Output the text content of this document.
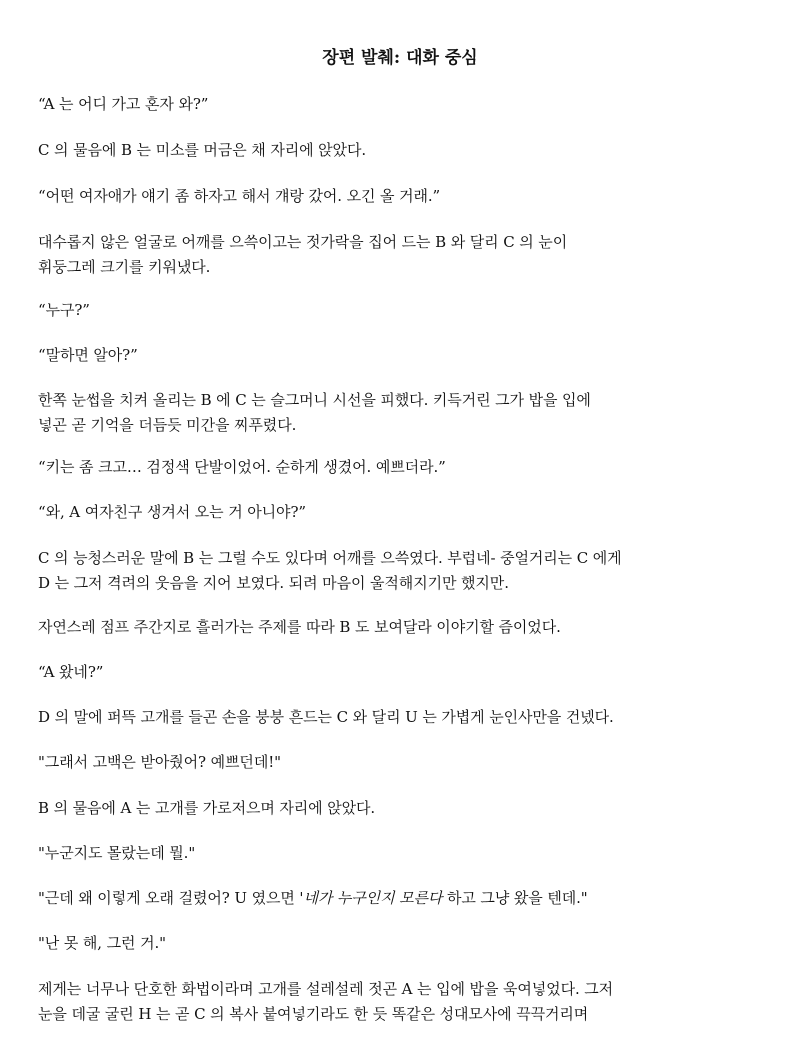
장편 발췌: 대화 중심
“A 는 어디 가고 혼자 와?”
C 의 물음에 B 는 미소를 머금은 채 자리에 앉았다.
“어떤 여자애가 얘기 좀 하자고 해서 걔랑 갔어. 오긴 올 거래.”
대수롭지 않은 얼굴로 어깨를 으쓱이고는 젓가락을 집어 드는 B 와 달리 C 의 눈이
휘둥그레 크기를 키워냈다.
“누구?”
“말하면 알아?”
한쪽 눈썹을 치켜 올리는 B 에 C 는 슬그머니 시선을 피했다. 키득거린 그가 밥을 입에
넣곤 곧 기억을 더듬듯 미간을 찌푸렸다.
“키는 좀 크고… 검정색 단발이었어. 순하게 생겼어. 예쁘더라.”
“와, A 여자친구 생겨서 오는 거 아니야?”
C 의 능청스러운 말에 B 는 그럴 수도 있다며 어깨를 으쓱였다. 부럽네- 중얼거리는 C 에게
D 는 그저 격려의 웃음을 지어 보였다. 되려 마음이 울적해지기만 했지만.
자연스레 점프 주간지로 흘러가는 주제를 따라 B 도 보여달라 이야기할 즘이었다.
“A 왔네?”
D 의 말에 퍼뜩 고개를 들곤 손을 붕붕 흔드는 C 와 달리 U 는 가볍게 눈인사만을 건넸다.
"그래서 고백은 받아줬어? 예쁘던데!"
B 의 물음에 A 는 고개를 가로저으며 자리에 앉았다.
"누군지도 몰랐는데 뭘."
"근데 왜 이렇게 오래 걸렸어? U 였으면 '네가 누구인지 모른다 하고 그냥 왔을 텐데."
"난 못 해, 그런 거."
제게는 너무나 단호한 화법이라며 고개를 설레설레 젓곤 A 는 입에 밥을 욱여넣었다. 그저
눈을 데굴 굴린 H 는 곧 C 의 복사 붙여넣기라도 한 듯 똑같은 성대모사에 끅끅거리며
